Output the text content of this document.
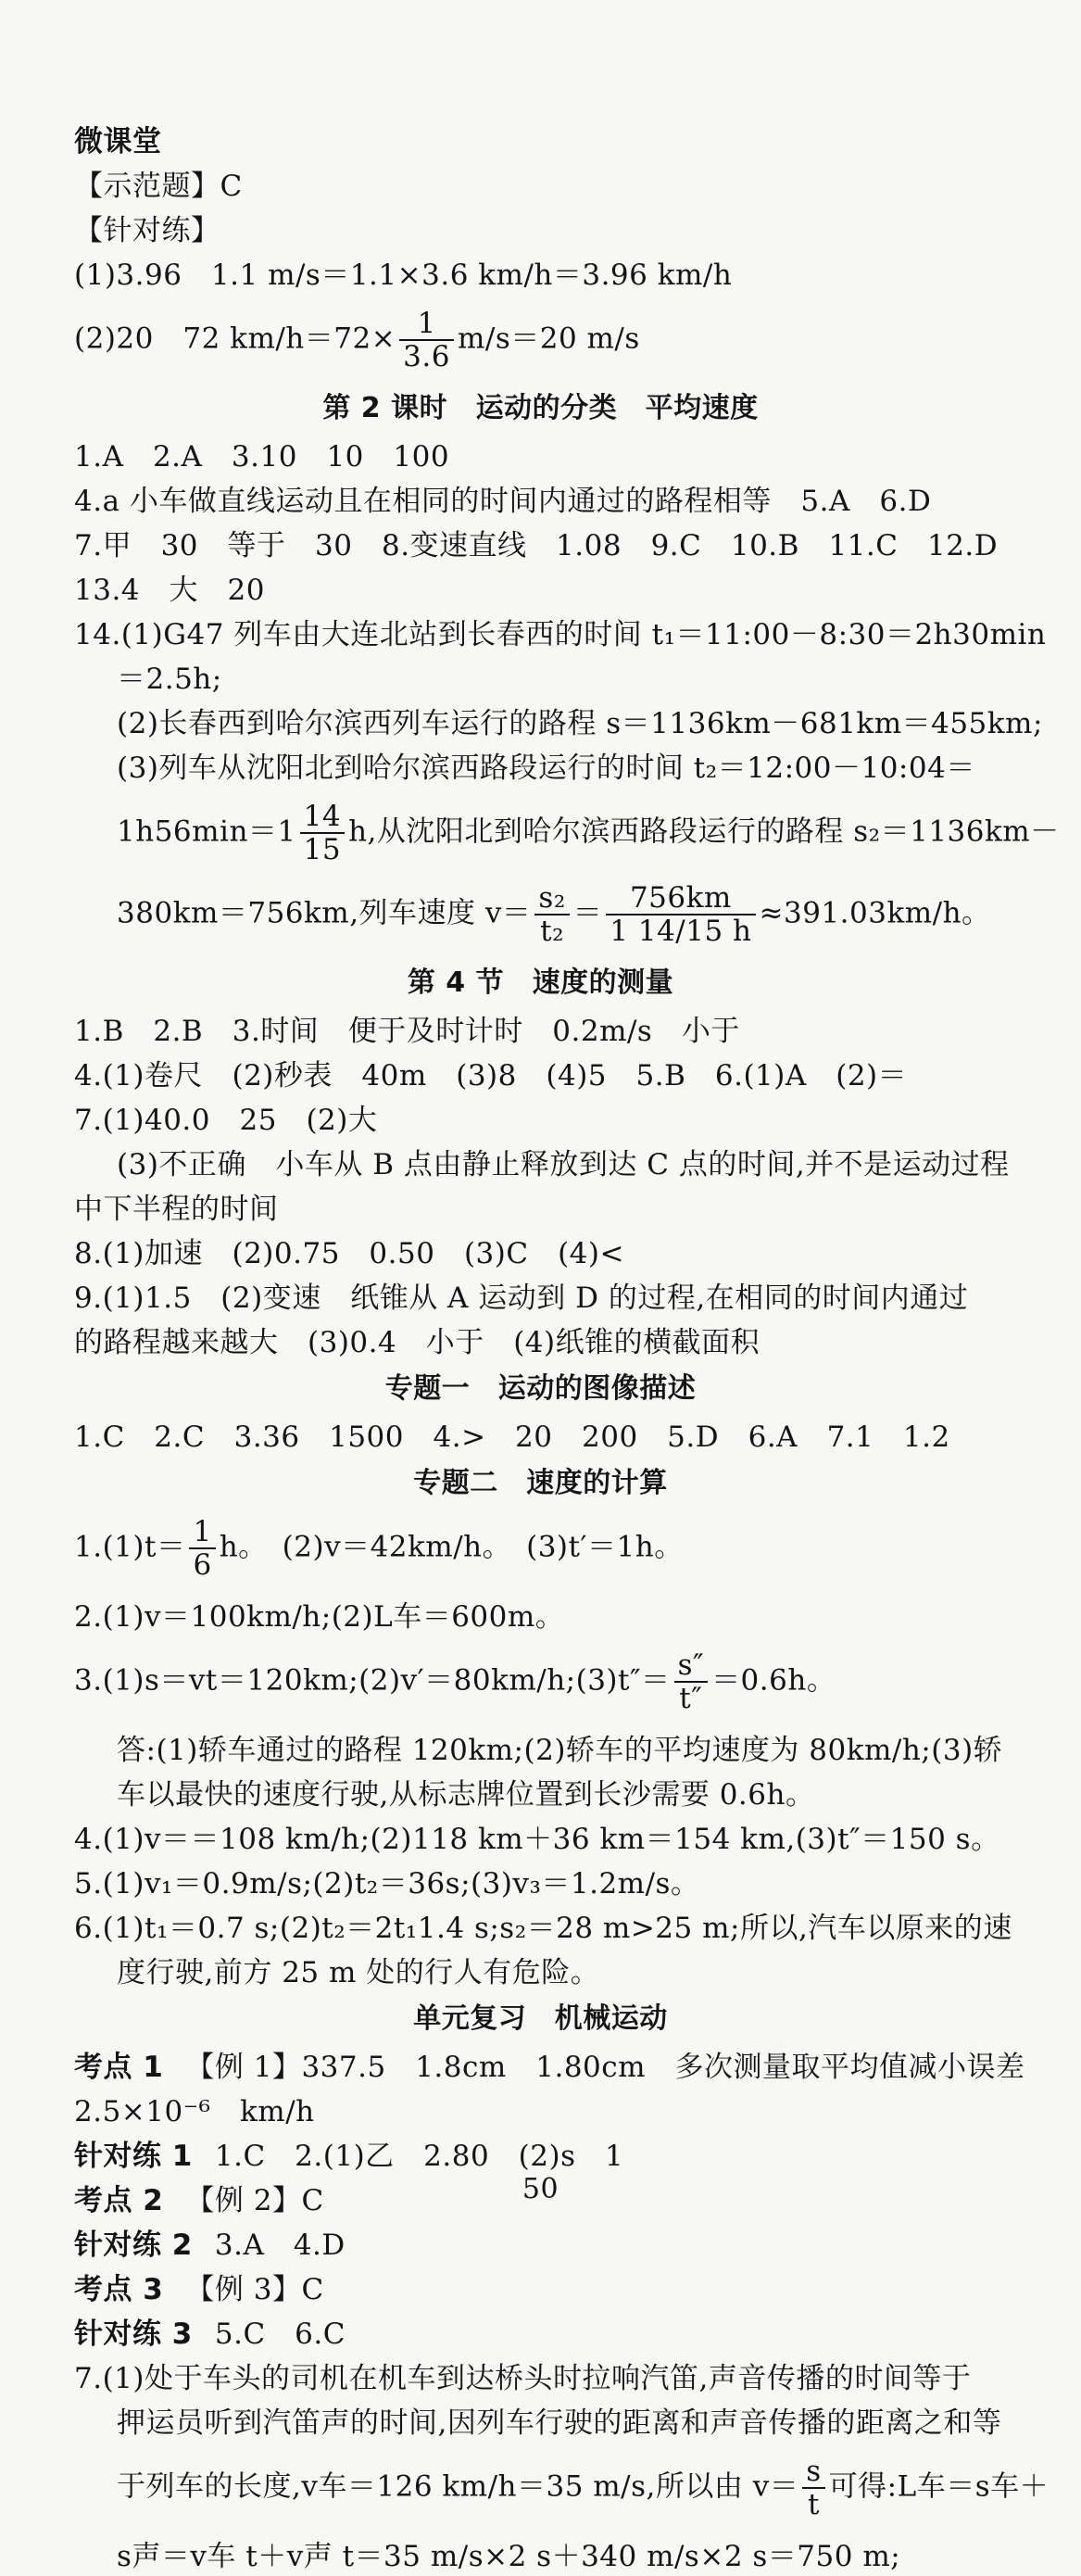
微课堂
【示范题】C
【针对练】
(1)3.96　1.1 m/s＝1.1×3.6 km/h＝3.96 km/h
(2)20　72 $km/h=72\times \frac{1}{3.6} m/s=20$ m/s
第 2 课时　运动的分类　平均速度
1.A　2.A　3.10　10　100
4.a 小车做直线运动且在相同的时间内通过的路程相等　5.A　6.D
7.甲　30　等于　30　8.变速直线　1.08　9.C　10.B　11.C　12.D
13.4　大　20
14.(1)G47 列车由大连北站到长春西的时间 t₁＝11:00－8:30＝2h30min
＝2.5h;
(2)长春西到哈尔滨西列车运行的路程 s＝1136km－681km＝455km;
(3)列车从沈阳北到哈尔滨西路段运行的时间 t₂＝12:00－10:04＝
$1h56\min=1 \frac{14}{15} h$,从沈阳北到哈尔滨西路段运行的路程 s₂＝1136km－
380km＝756km,列车速度 $v= \frac{\text{s₂}}{\text{t₂}} = \frac{756km}{1 14/15 h} \approx 391.03km/h$。
第 4 节　速度的测量
1.B　2.B　3.时间　便于及时计时　0.2m/s　小于
4.(1)卷尺　(2)秒表　40m　(3)8　(4)5　5.B　6.(1)A　(2)＝
7.(1)40.0　25　(2)大
(3)不正确　小车从 B 点由静止释放到达 C 点的时间,并不是运动过程
中下半程的时间
8.(1)加速　(2)0.75　0.50　(3)C　(4)<
9.(1)1.5　(2)变速　纸锥从 A 运动到 D 的过程,在相同的时间内通过
的路程越来越大　(3)0.4　小于　(4)纸锥的横截面积
专题一　运动的图像描述
1.C　2.C　3.36　1500　4.>　20　200　5.D　6.A　7.1　1.2
专题二　速度的计算
$1.(1)t= \frac{1}{6}$ h。　(2)v＝42km/h。　(3)t′＝1h。
2.(1)v＝100km/h;(2)L车＝600m。
3.(1)s＝vt＝120km;(2)v′＝80km/h;(3)t″＝ $\frac{s''}{t''} =0.6h$。
答:(1)轿车通过的路程 120km;(2)轿车的平均速度为 80km/h;(3)轿
车以最快的速度行驶,从标志牌位置到长沙需要 0.6h。
4.(1)v＝＝108 km/h;(2)118 km＋36 km＝154 km,(3)t″＝150 s。
5.(1)v₁＝0.9m/s;(2)t₂＝36s;(3)v₃＝1.2m/s。
6.(1)t₁＝0.7 s;(2)t₂＝2t₁1.4 s;s₂＝28 m>25 m;所以,汽车以原来的速
度行驶,前方 25 m 处的行人有危险。
单元复习　机械运动
考点 1 【例 1】337.5　1.8cm　1.80cm　多次测量取平均值减小误差
2.5×10⁻⁶　km/h
针对练 1 1.C　2.(1)乙　2.80　(2)s　1
考点 2 【例 2】C
针对练 2 3.A　4.D
考点 3 【例 3】C
针对练 3 5.C　6.C
7.(1)处于车头的司机在机车到达桥头时拉响汽笛,声音传播的时间等于
押运员听到汽笛声的时间,因列车行驶的距离和声音传播的距离之和等
于列车的长度,v车＝126 km/h＝35 m/s,所以由 $v= \frac{s}{t}$ 可得:L车＝s车＋
s声＝v车 t＋v声 t＝35 m/s×2 s＋340 m/s×2 s＝750 m;
50
